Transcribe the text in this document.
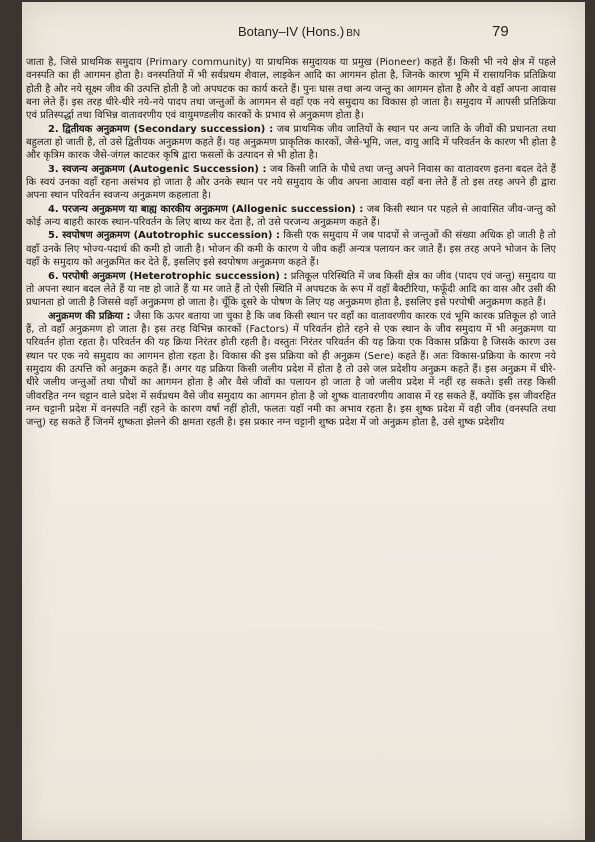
Botany–IV (Hons.) BN	79

जाता है, जिसे प्राथमिक समुदाय (Primary community) या प्राथमिक समुदायक या प्रमुख (Pioneer) कहते हैं। किसी भी नये क्षेत्र में पहले वनस्पति का ही आगमन होता है। वनस्पतियों में भी सर्वप्रथम शैवाल, लाइकेन आदि का आगमन होता है, जिनके कारण भूमि में रासायनिक प्रतिक्रिया होती है और नये सूक्ष्म जीव की उत्पत्ति होती है जो अपघटक का कार्य करते हैं। पुनः घास तथा अन्य जन्तु का आगमन होता है और वे वहाँ अपना आवास बना लेते हैं। इस तरह धीरे-धीरे नये-नये पादप तथा जन्तुओं के आगमन से वहाँ एक नये समुदाय का विकास हो जाता है। समुदाय में आपसी प्रतिक्रिया एवं प्रतिस्पर्द्धा तथा विभिन्न वातावरणीय एवं वायुमण्डलीय कारकों के प्रभाव से अनुक्रमण होता है।

2. द्वितीयक अनुक्रमण (Secondary succession) : जब प्राथमिक जीव जातियों के स्थान पर अन्य जाति के जीवों की प्रधानता तथा बहुलता हो जाती है, तो उसे द्वितीयक अनुक्रमण कहते हैं। यह अनुक्रमण प्राकृतिक कारकों, जैसे-भूमि, जल, वायु आदि में परिवर्तन के कारण भी होता है और कृत्रिम कारक जैसे-जंगल काटकर कृषि द्वारा फसलों के उत्पादन से भी होता है।

3. स्वजन्य अनुक्रमण (Autogenic Succession) : जब किसी जाति के पौधे तथा जन्तु अपने निवास का वातावरण इतना बदल देते हैं कि स्वयं उनका वहाँ रहना असंभव हो जाता है और उनके स्थान पर नये समुदाय के जीव अपना आवास वहाँ बना लेते हैं तो इस तरह अपने ही द्वारा अपना स्थान परिवर्तन स्वजन्य अनुक्रमण कहलाता है।

4. परजन्य अनुक्रमण या बाह्य कारकीय अनुक्रमण (Allogenic succession) : जब किसी स्थान पर पहले से आवासित जीव-जन्तु को कोई अन्य बाहरी कारक स्थान-परिवर्तन के लिए बाध्य कर देता है, तो उसे परजन्य अनुक्रमण कहते हैं।

5. स्वपोषण अनुक्रमण (Autotrophic succession) : किसी एक समुदाय में जब पादपों से जन्तुओं की संख्या अधिक हो जाती है तो वहाँ उनके लिए भोज्य-पदार्थ की कमी हो जाती है। भोजन की कमी के कारण ये जीव कहीं अन्यत्र पलायन कर जाते हैं। इस तरह अपने भोजन के लिए वहाँ के समुदाय को अनुक्रमित कर देते हैं, इसलिए इसे स्वपोषण अनुक्रमण कहते हैं।

6. परपोषी अनुक्रमण (Heterotrophic succession) : प्रतिकूल परिस्थिति में जब किसी क्षेत्र का जीव (पादप एवं जन्तु) समुदाय या तो अपना स्थान बदल लेते हैं या नष्ट हो जाते हैं या मर जाते हैं तो ऐसी स्थिति में अपघटक के रूप में वहाँ बैक्टीरिया, फफूँदी आदि का वास और उसी की प्रधानता हो जाती है जिससे वहाँ अनुक्रमण हो जाता है। चूँकि दूसरे के पोषण के लिए यह अनुक्रमण होता है, इसलिए इसे परपोषी अनुक्रमण कहते हैं।

अनुक्रमण की प्रक्रिया : जैसा कि ऊपर बताया जा चुका है कि जब किसी स्थान पर वहाँ का वातावरणीय कारक एवं भूमि कारक प्रतिकूल हो जाते हैं, तो वहाँ अनुक्रमण हो जाता है। इस तरह विभिन्न कारकों (Factors) में परिवर्तन होते रहने से एक स्थान के जीव समुदाय में भी अनुक्रमण या परिवर्तन होता रहता है। परिवर्तन की यह क्रिया निरंतर होती रहती है। वस्तुतः निरंतर परिवर्तन की यह क्रिया एक विकास प्रक्रिया है जिसके कारण उस स्थान पर एक नये समुदाय का आगमन होता रहता है। विकास की इस प्रक्रिया को ही अनुक्रम (Sere) कहते हैं। अतः विकास-प्रक्रिया के कारण नये समुदाय की उत्पत्ति को अनुक्रम कहते हैं। अगर यह प्रक्रिया किसी जलीय प्रदेश में होता है तो उसे जल प्रदेशीय अनुक्रम कहते हैं। इस अनुक्रम में धीरे-धीरे जलीय जन्तुओं तथा पौधों का आगमन होता है और वैसे जीवों का पलायन हो जाता है जो जलीय प्रदेश में नहीं रह सकते। इसी तरह किसी जीवरहित नग्न चट्टान वाले प्रदेश में सर्वप्रथम वैसे जीव समुदाय का आगमन होता है जो शुष्क वातावरणीय आवास में रह सकते हैं, क्योंकि इस जीवरहित नग्न चट्टानी प्रदेश में वनस्पति नहीं रहने के कारण वर्षा नहीं होती, फलतः यहाँ नमी का अभाव रहता है। इस शुष्क प्रदेश में वही जीव (वनस्पति तथा जन्तु) रह सकते हैं जिनमें शुष्कता झेलने की क्षमता रहती है। इस प्रकार नग्न चट्टानी शुष्क प्रदेश में जो अनुक्रम होता है, उसे शुष्क प्रदेशीय
